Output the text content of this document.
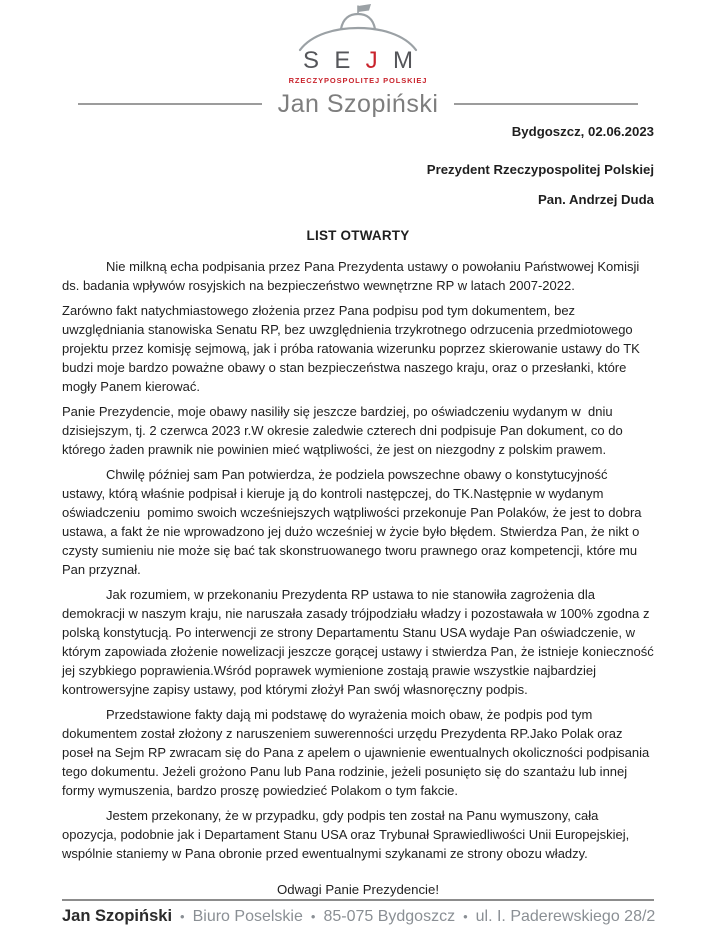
S E J M
RZECZYPOSPOLITEJ POLSKIEJ
Jan Szopiński
Bydgoszcz, 02.06.2023
Prezydent Rzeczypospolitej Polskiej
Pan. Andrzej Duda
LIST OTWARTY

Nie milkną echa podpisania przez Pana Prezydenta ustawy o powołaniu Państwowej Komisji ds. badania wpływów rosyjskich na bezpieczeństwo wewnętrzne RP w latach 2007-2022.

Zarówno fakt natychmiastowego złożenia przez Pana podpisu pod tym dokumentem, bez uwzględniania stanowiska Senatu RP, bez uwzględnienia trzykrotnego odrzucenia przedmiotowego projektu przez komisję sejmową, jak i próba ratowania wizerunku poprzez skierowanie ustawy do TK budzi moje bardzo poważne obawy o stan bezpieczeństwa naszego kraju, oraz o przesłanki, które mogły Panem kierować.

Panie Prezydencie, moje obawy nasiliły się jeszcze bardziej, po oświadczeniu wydanym w  dniu dzisiejszym, tj. 2 czerwca 2023 r.W okresie zaledwie czterech dni podpisuje Pan dokument, co do którego żaden prawnik nie powinien mieć wątpliwości, że jest on niezgodny z polskim prawem.

Chwilę później sam Pan potwierdza, że podziela powszechne obawy o konstytucyjność ustawy, którą właśnie podpisał i kieruje ją do kontroli następczej, do TK.Następnie w wydanym oświadczeniu  pomimo swoich wcześniejszych wątpliwości przekonuje Pan Polaków, że jest to dobra ustawa, a fakt że nie wprowadzono jej dużo wcześniej w życie było błędem. Stwierdza Pan, że nikt o czysty sumieniu nie może się bać tak skonstruowanego tworu prawnego oraz kompetencji, które mu Pan przyznał.

Jak rozumiem, w przekonaniu Prezydenta RP ustawa to nie stanowiła zagrożenia dla demokracji w naszym kraju, nie naruszała zasady trójpodziału władzy i pozostawała w 100% zgodna z polską konstytucją. Po interwencji ze strony Departamentu Stanu USA wydaje Pan oświadczenie, w którym zapowiada złożenie nowelizacji jeszcze gorącej ustawy i stwierdza Pan, że istnieje konieczność jej szybkiego poprawienia.Wśród poprawek wymienione zostają prawie wszystkie najbardziej kontrowersyjne zapisy ustawy, pod którymi złożył Pan swój własnoręczny podpis.

Przedstawione fakty dają mi podstawę do wyrażenia moich obaw, że podpis pod tym dokumentem został złożony z naruszeniem suwerenności urzędu Prezydenta RP.Jako Polak oraz poseł na Sejm RP zwracam się do Pana z apelem o ujawnienie ewentualnych okoliczności podpisania tego dokumentu. Jeżeli grożono Panu lub Pana rodzinie, jeżeli posunięto się do szantażu lub innej formy wymuszenia, bardzo proszę powiedzieć Polakom o tym fakcie.

Jestem przekonany, że w przypadku, gdy podpis ten został na Panu wymuszony, cała opozycja, podobnie jak i Departament Stanu USA oraz Trybunał Sprawiedliwości Unii Europejskiej, wspólnie staniemy w Pana obronie przed ewentualnymi szykanami ze strony obozu władzy.

Odwagi Panie Prezydencie!
Jan Szopiński • Biuro Poselskie • 85-075 Bydgoszcz • ul. I. Paderewskiego 28/2
